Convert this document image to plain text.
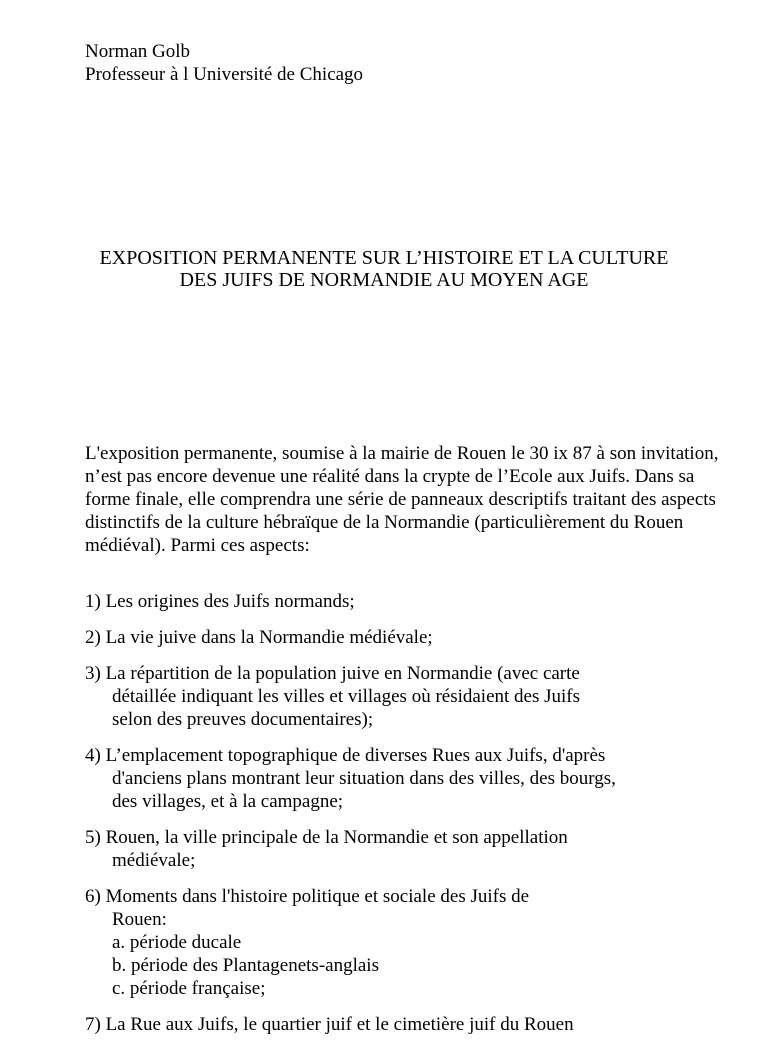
Norman Golb
Professeur à l Université de Chicago
EXPOSITION PERMANENTE SUR L’HISTOIRE ET LA CULTURE
DES JUIFS DE NORMANDIE AU MOYEN AGE
L'exposition permanente, soumise à la mairie de Rouen le 30 ix 87 à son invitation,
n’est pas encore devenue une réalité dans la crypte de l’Ecole aux Juifs. Dans sa
forme finale, elle comprendra une série de panneaux descriptifs traitant des aspects
distinctifs de la culture hébraïque de la Normandie (particulièrement du Rouen
médiéval). Parmi ces aspects:
1) Les origines des Juifs normands;
2) La vie juive dans la Normandie médiévale;
3) La répartition de la population juive en Normandie (avec carte
détaillée indiquant les villes et villages où résidaient des Juifs
selon des preuves documentaires);
4) L’emplacement topographique de diverses Rues aux Juifs, d'après
d'anciens plans montrant leur situation dans des villes, des bourgs,
des villages, et à la campagne;
5) Rouen, la ville principale de la Normandie et son appellation
médiévale;
6) Moments dans l'histoire politique et sociale des Juifs de
Rouen:
a. période ducale
b. période des Plantagenets-anglais
c. période française;
7) La Rue aux Juifs, le quartier juif et le cimetière juif du Rouen
